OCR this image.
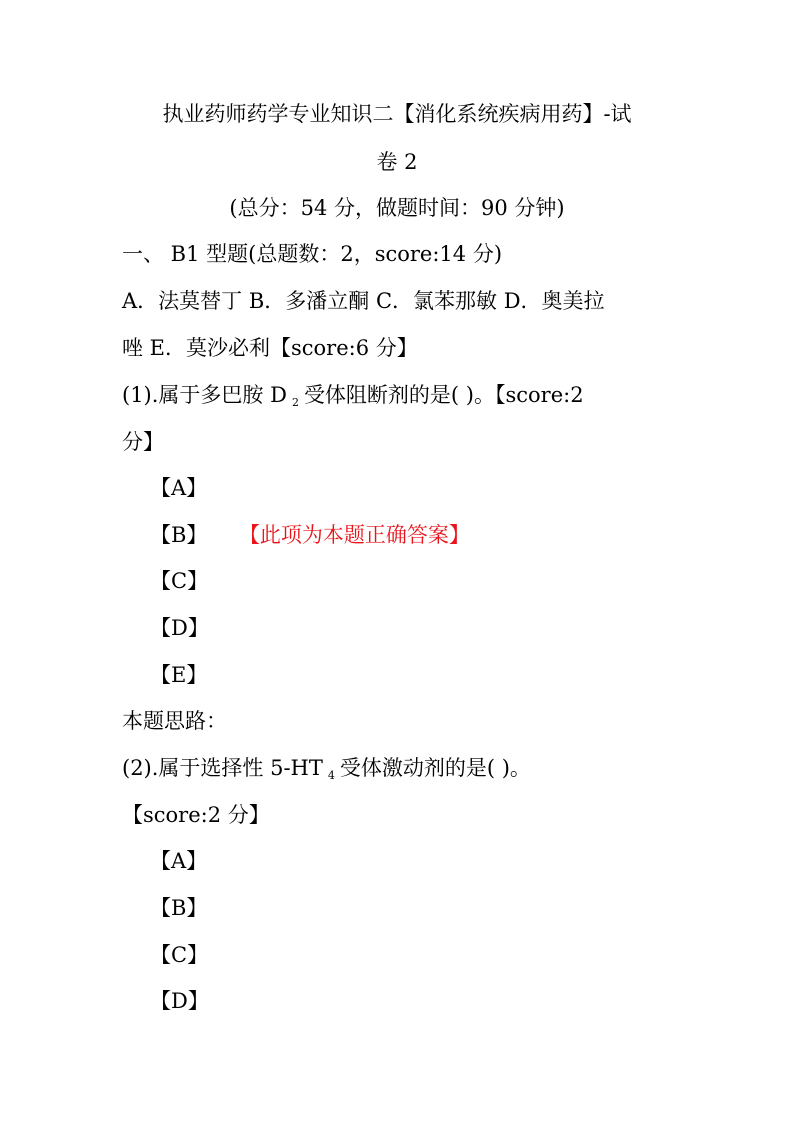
执业药师药学专业知识二【消化系统疾病用药】-试
卷 2
(总分：54 分，做题时间：90 分钟)
一、 B1 型题(总题数：2，score:14 分)
A．法莫替丁 B．多潘立酮 C．氯苯那敏 D．奥美拉
唑 E．莫沙必利【score:6 分】
(1).属于多巴胺 D 2 受体阻断剂的是( )。【score:2
分】
【A】
【B】 【此项为本题正确答案】
【C】
【D】
【E】
本题思路：
(2).属于选择性 5-HT 4 受体激动剂的是( )。
【score:2 分】
【A】
【B】
【C】
【D】
